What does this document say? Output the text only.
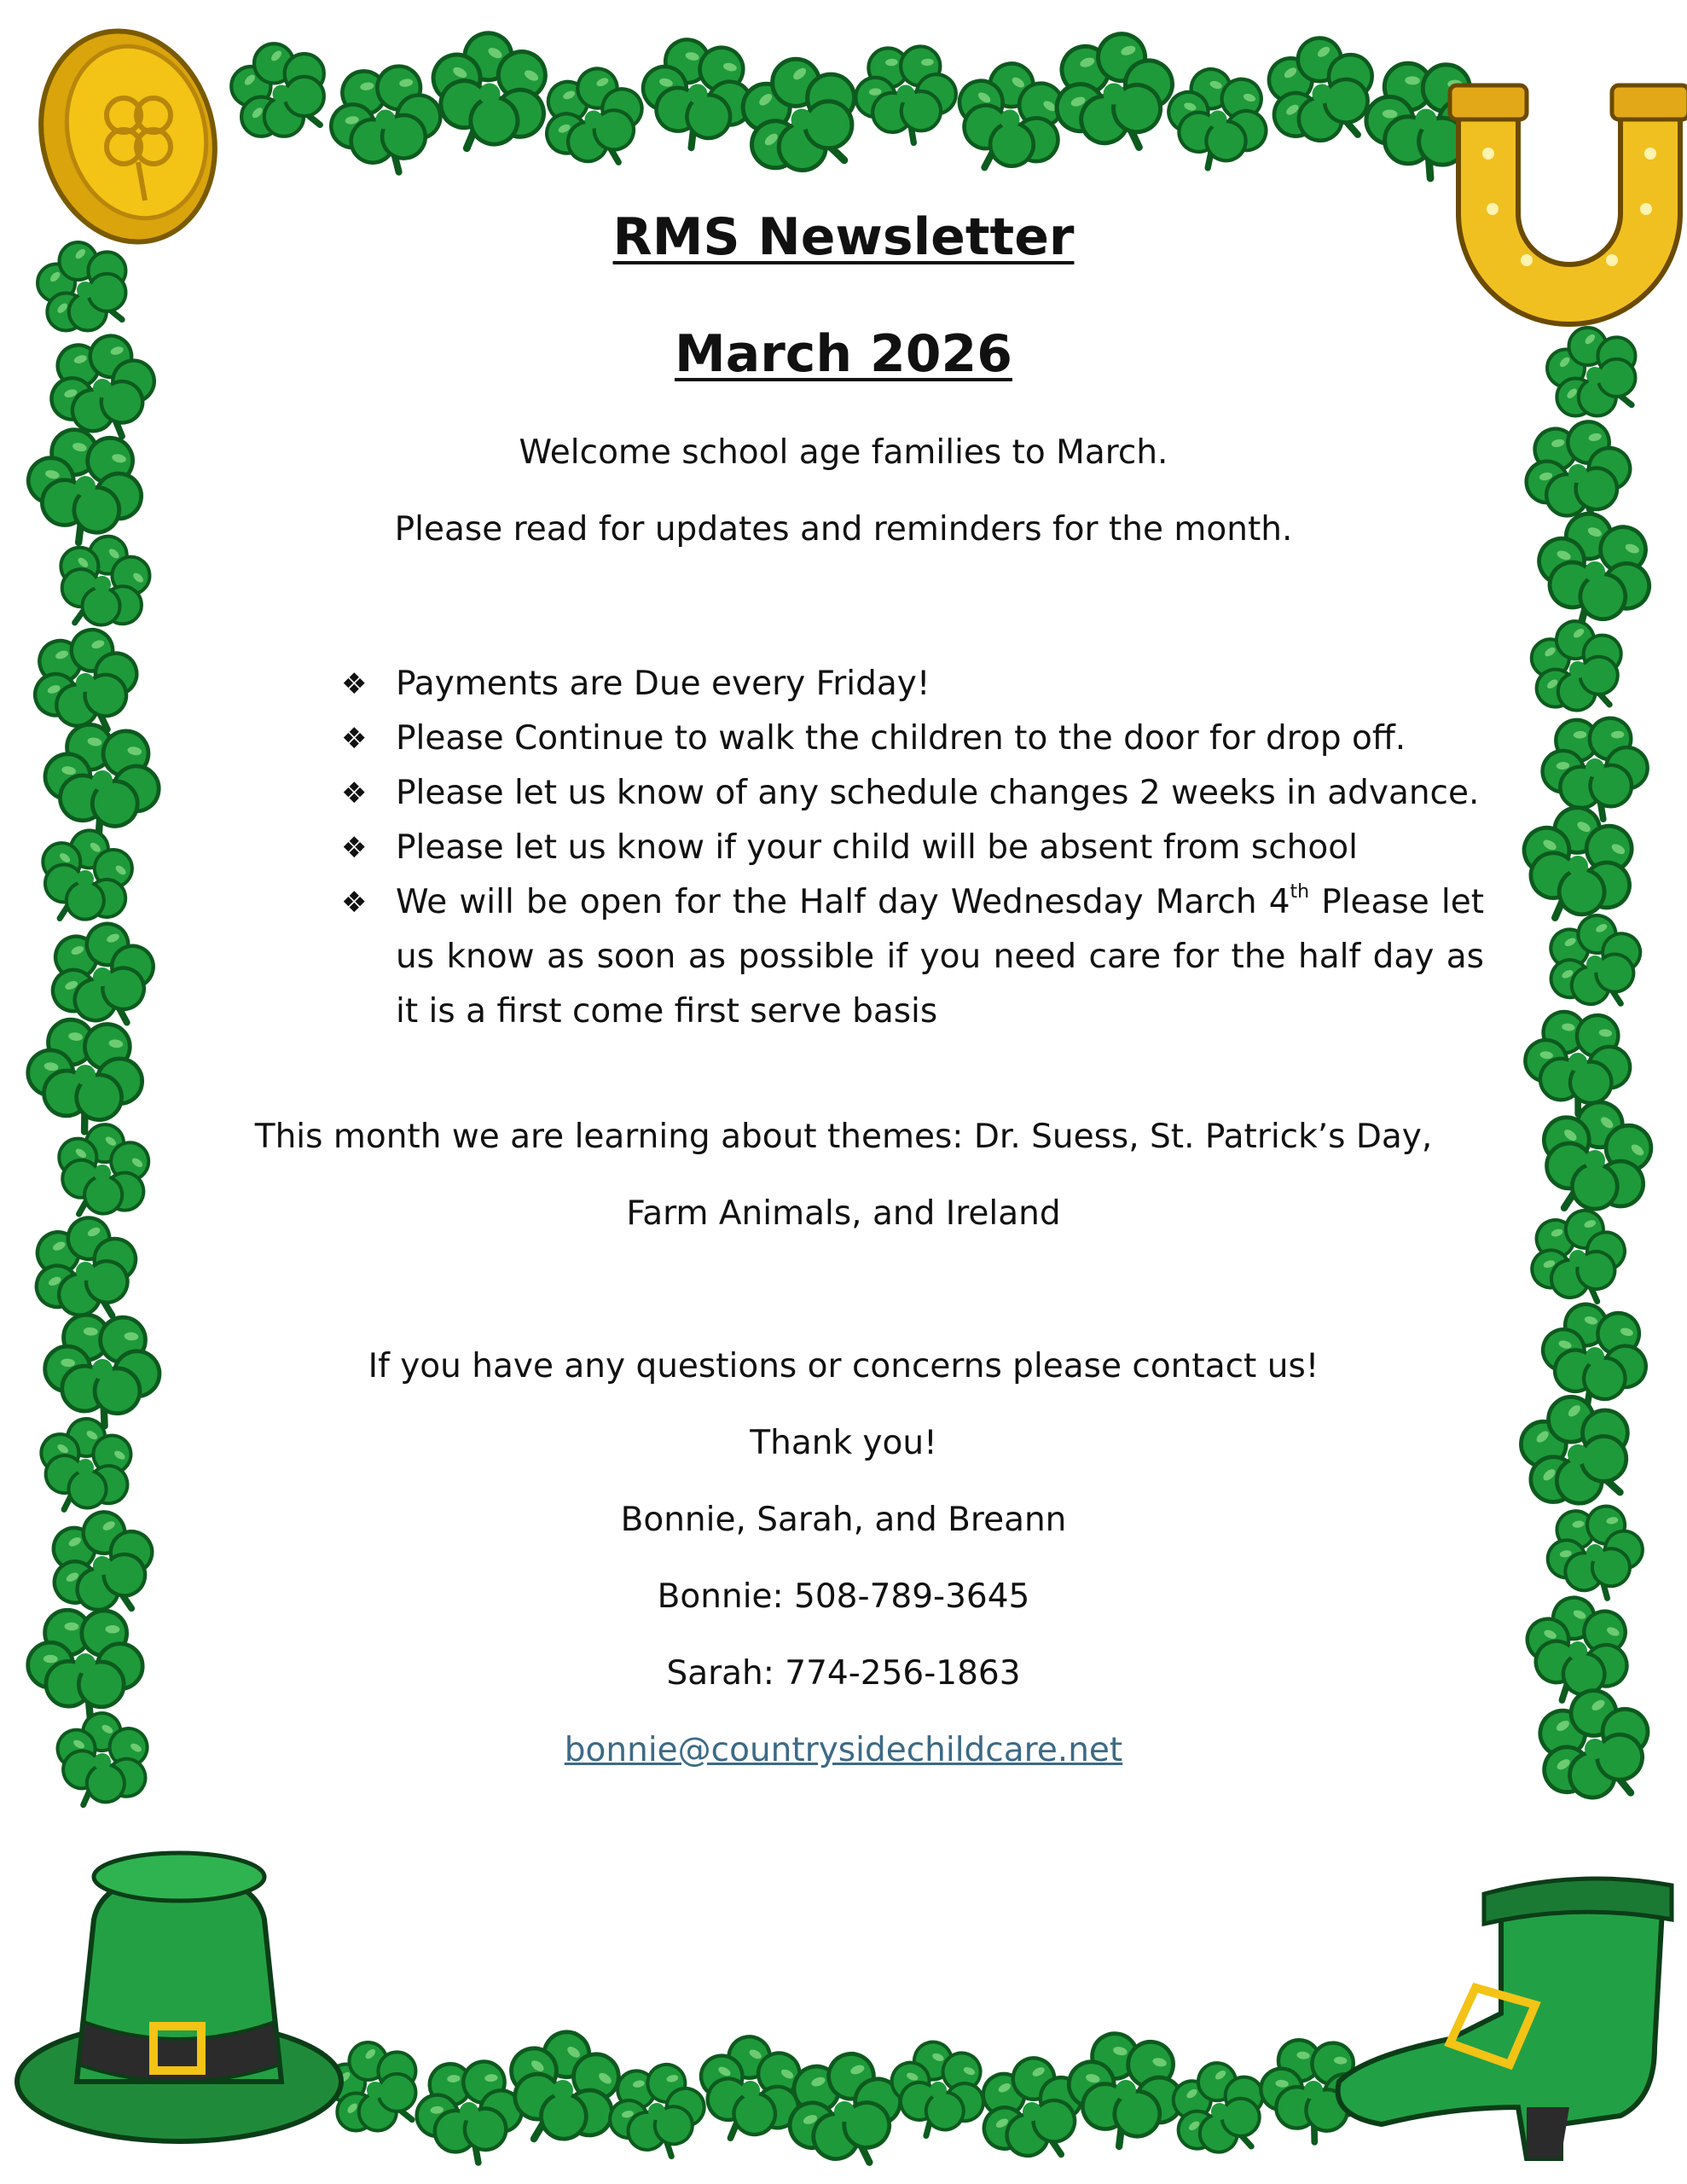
RMS Newsletter
March 2026
Welcome school age families to March.
Please read for updates and reminders for the month.
❖ Payments are Due every Friday!
❖ Please Continue to walk the children to the door for drop off.
❖ Please let us know of any schedule changes 2 weeks in advance.
❖ Please let us know if your child will be absent from school
❖ We will be open for the Half day Wednesday March 4th Please let us know as soon as possible if you need care for the half day as it is a first come first serve basis
This month we are learning about themes: Dr. Suess, St. Patrick’s Day,
Farm Animals, and Ireland
If you have any questions or concerns please contact us!
Thank you!
Bonnie, Sarah, and Breann
Bonnie: 508-789-3645
Sarah: 774-256-1863
bonnie@countrysidechildcare.net
